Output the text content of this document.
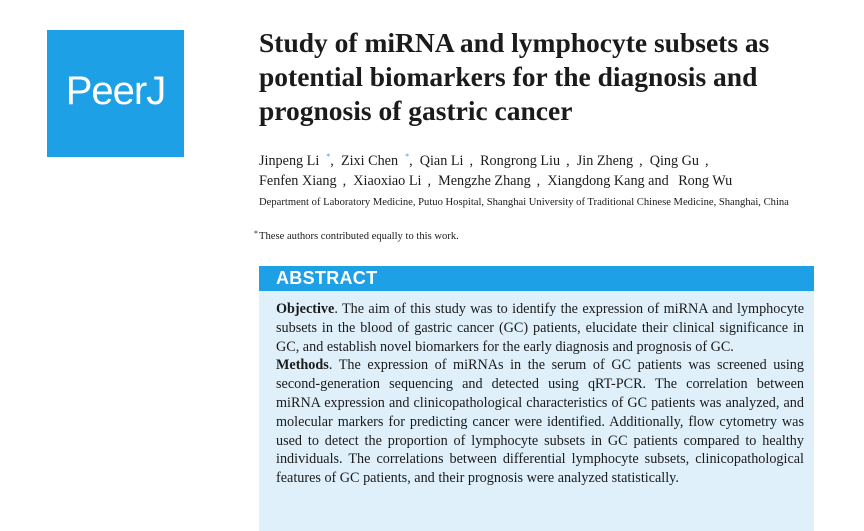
PeerJ
Study of miRNA and lymphocyte subsets as potential biomarkers for the diagnosis and prognosis of gastric cancer
Jinpeng Li *,  Zixi Chen *,  Qian Li ,  Rongrong Liu ,  Jin Zheng ,  Qing Gu ,
Fenfen Xiang ,  Xiaoxiao Li ,  Mengzhe Zhang ,  Xiangdong Kang and Rong Wu
Department of Laboratory Medicine, Putuo Hospital, Shanghai University of Traditional Chinese Medicine, Shanghai, China
*These authors contributed equally to this work.
ABSTRACT

Objective. The aim of this study was to identify the expression of miRNA and lymphocyte subsets in the blood of gastric cancer (GC) patients, elucidate their clinical significance in GC, and establish novel biomarkers for the early diagnosis and prognosis of GC.

Methods. The expression of miRNAs in the serum of GC patients was screened using second-generation sequencing and detected using qRT-PCR. The correlation between miRNA expression and clinicopathological characteristics of GC patients was analyzed, and molecular markers for predicting cancer were identified. Additionally, flow cytometry was used to detect the proportion of lymphocyte subsets in GC patients compared to healthy individuals. The correlations between differential lymphocyte subsets, clinicopathological features of GC patients, and their prognosis were analyzed statistically.
